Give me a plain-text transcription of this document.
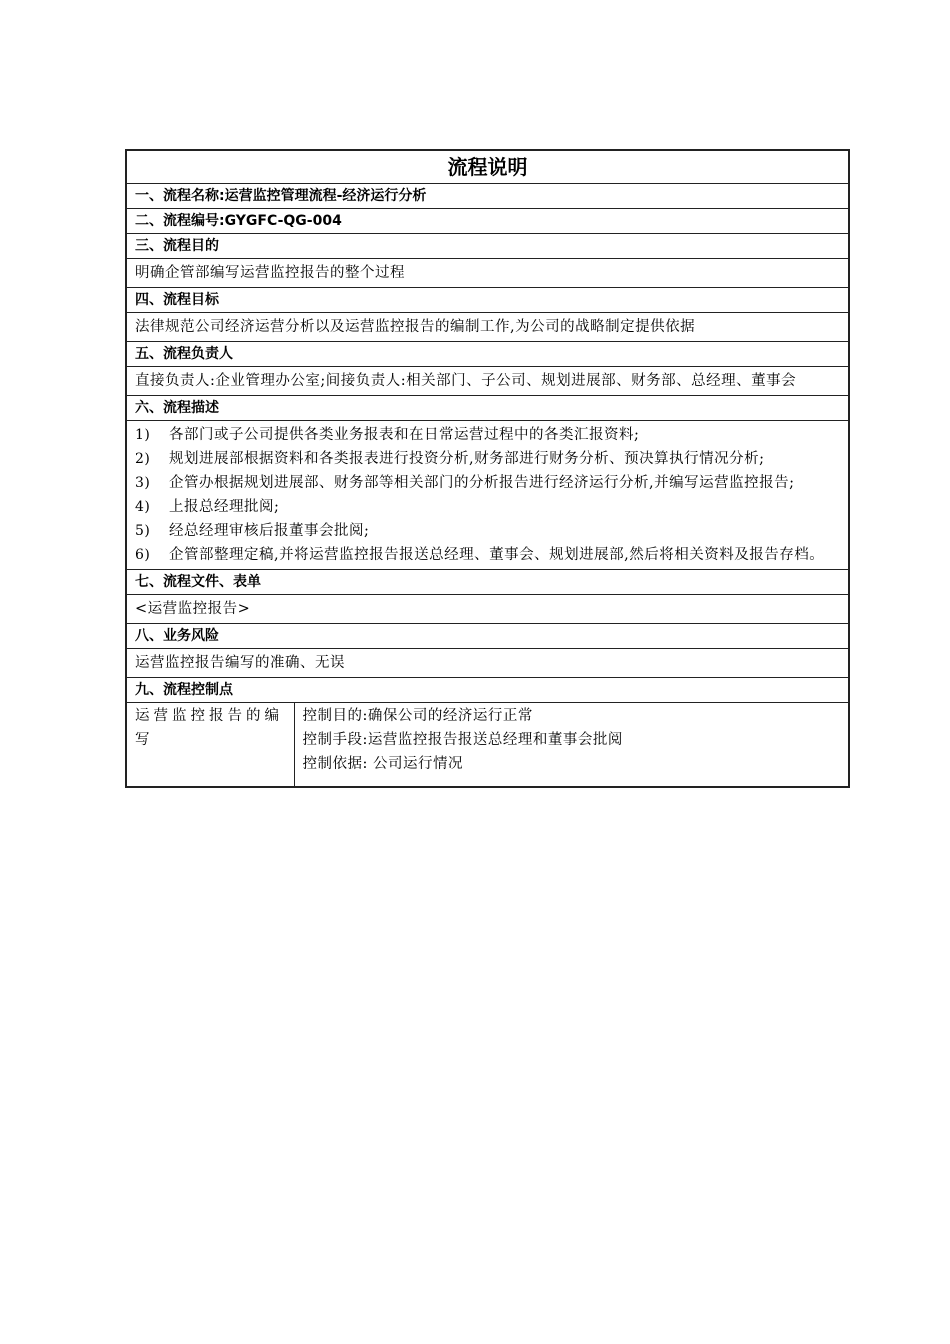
流程说明
一、流程名称:运营监控管理流程-经济运行分析
二、流程编号:GYGFC-QG-004
三、流程目的
明确企管部编写运营监控报告的整个过程
四、流程目标
法律规范公司经济运营分析以及运营监控报告的编制工作,为公司的战略制定提供依据
五、流程负责人
直接负责人:企业管理办公室;间接负责人:相关部门、子公司、规划进展部、财务部、总经理、董事会
六、流程描述

1)	各部门或子公司提供各类业务报表和在日常运营过程中的各类汇报资料;
2)	规划进展部根据资料和各类报表进行投资分析,财务部进行财务分析、预决算执行情况分析;
3)	企管办根据规划进展部、财务部等相关部门的分析报告进行经济运行分析,并编写运营监控报告;
4)	上报总经理批阅;
5)	经总经理审核后报董事会批阅;
6)	企管部整理定稿,并将运营监控报告报送总经理、董事会、规划进展部,然后将相关资料及报告存档。

七、流程文件、表单
<运营监控报告>
八、业务风险
运营监控报告编写的准确、无误
九、流程控制点
运营监控报告的编写	
控制目的:确保公司的经济运行正常
控制手段:运营监控报告报送总经理和董事会批阅
控制依据: 公司运行情况
